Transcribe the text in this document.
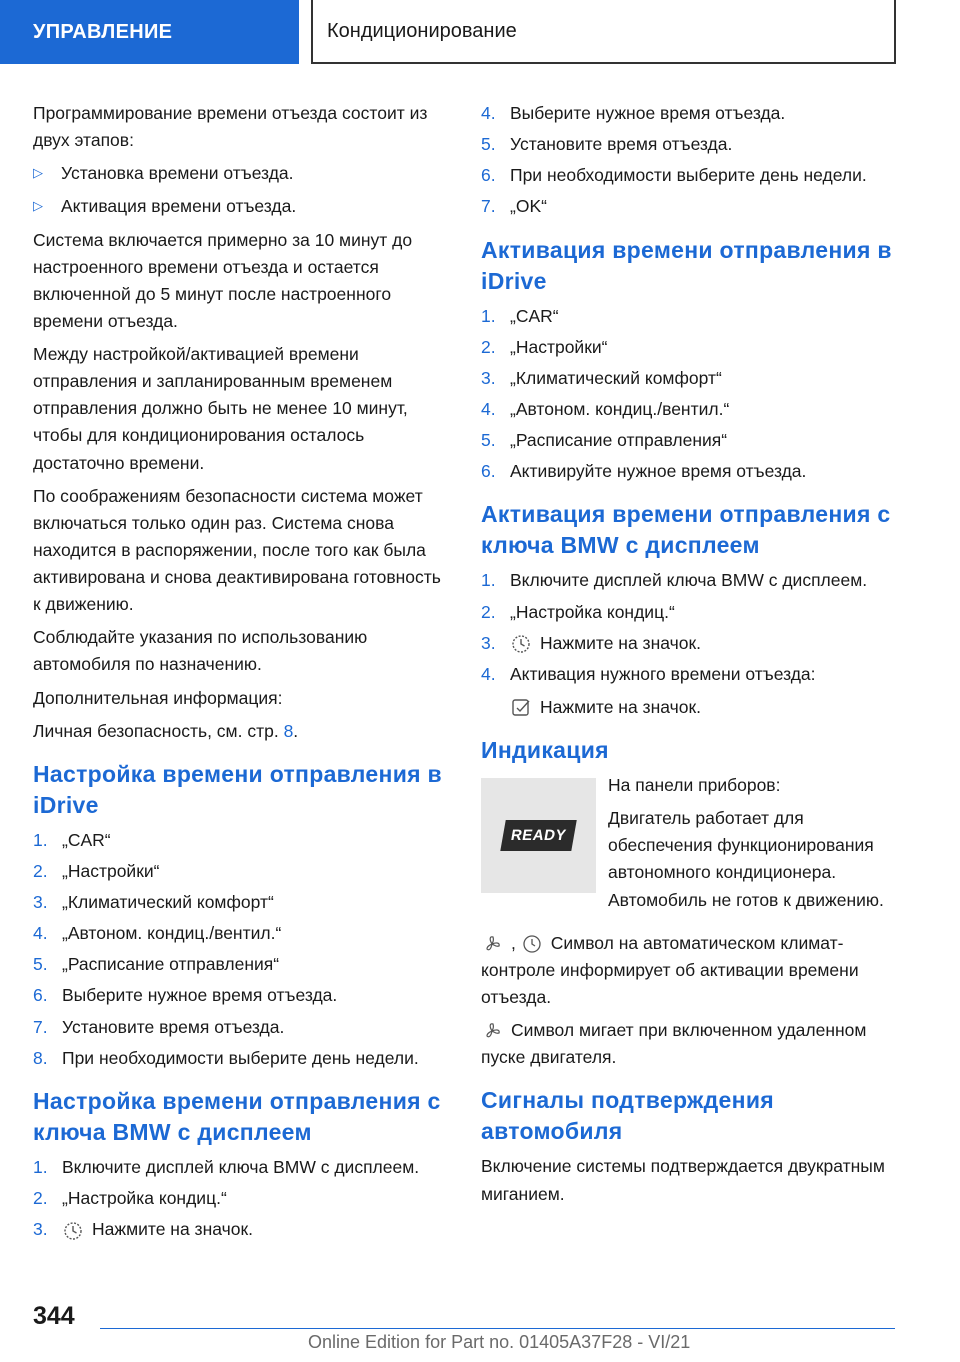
УПРАВЛЕНИЕ	Кондиционирование

Программирование времени отъезда состоит из двух этапов:

▷	Установка времени отъезда.
▷	Активация времени отъезда.

Система включается примерно за 10 минут до настроенного времени отъезда и остается включенной до 5 минут после настроенного времени отъезда.

Между настройкой/активацией времени отправления и запланированным временем отправления должно быть не менее 10 минут, чтобы для кондиционирования осталось достаточно времени.

По соображениям безопасности система может включаться только один раз. Система снова находится в распоряжении, после того как была активирована и снова деактивирована готовность к движению.

Соблюдайте указания по использованию автомобиля по назначению.

Дополнительная информация:

Личная безопасность, см. стр. 8.

Настройка времени отправления в iDrive
1. „CAR“
2. „Настройки“
3. „Климатический комфорт“
4. „Автоном. кондиц./вентил.“
5. „Расписание отправления“
6. Выберите нужное время отъезда.
7. Установите время отъезда.
8. При необходимости выберите день недели.
Настройка времени отправления с ключа BMW с дисплеем
1. Включите дисплей ключа BMW с дисплеем.
2. „Настройка кондиц.“
3.	Нажмите на значок.
4. Выберите нужное время отъезда.
5. Установите время отъезда.
6. При необходимости выберите день недели.
7. „OK“
Активация времени отправления в iDrive
1. „CAR“
2. „Настройки“
3. „Климатический комфорт“
4. „Автоном. кондиц./вентил.“
5. „Расписание отправления“
6. Активируйте нужное время отъезда.
Активация времени отправления с ключа BMW с дисплеем
1. Включите дисплей ключа BMW с дисплеем.
2. „Настройка кондиц.“
3.	Нажмите на значок.
4. Активация нужного времени отъезда:
Нажмите на значок.
Индикация
READY

На панели приборов:

Двигатель работает для обеспечения функционирования автономного кондиционера. Автомобиль не готов к движению.

, Символ на автоматическом климат-контроле информирует об активации времени отъезда.

Символ мигает при включенном удаленном пуске двигателя.

Сигналы подтверждения автомобиля

Включение системы подтверждается двукратным миганием.

344
Online Edition for Part no. 01405A37F28 - VI/21
